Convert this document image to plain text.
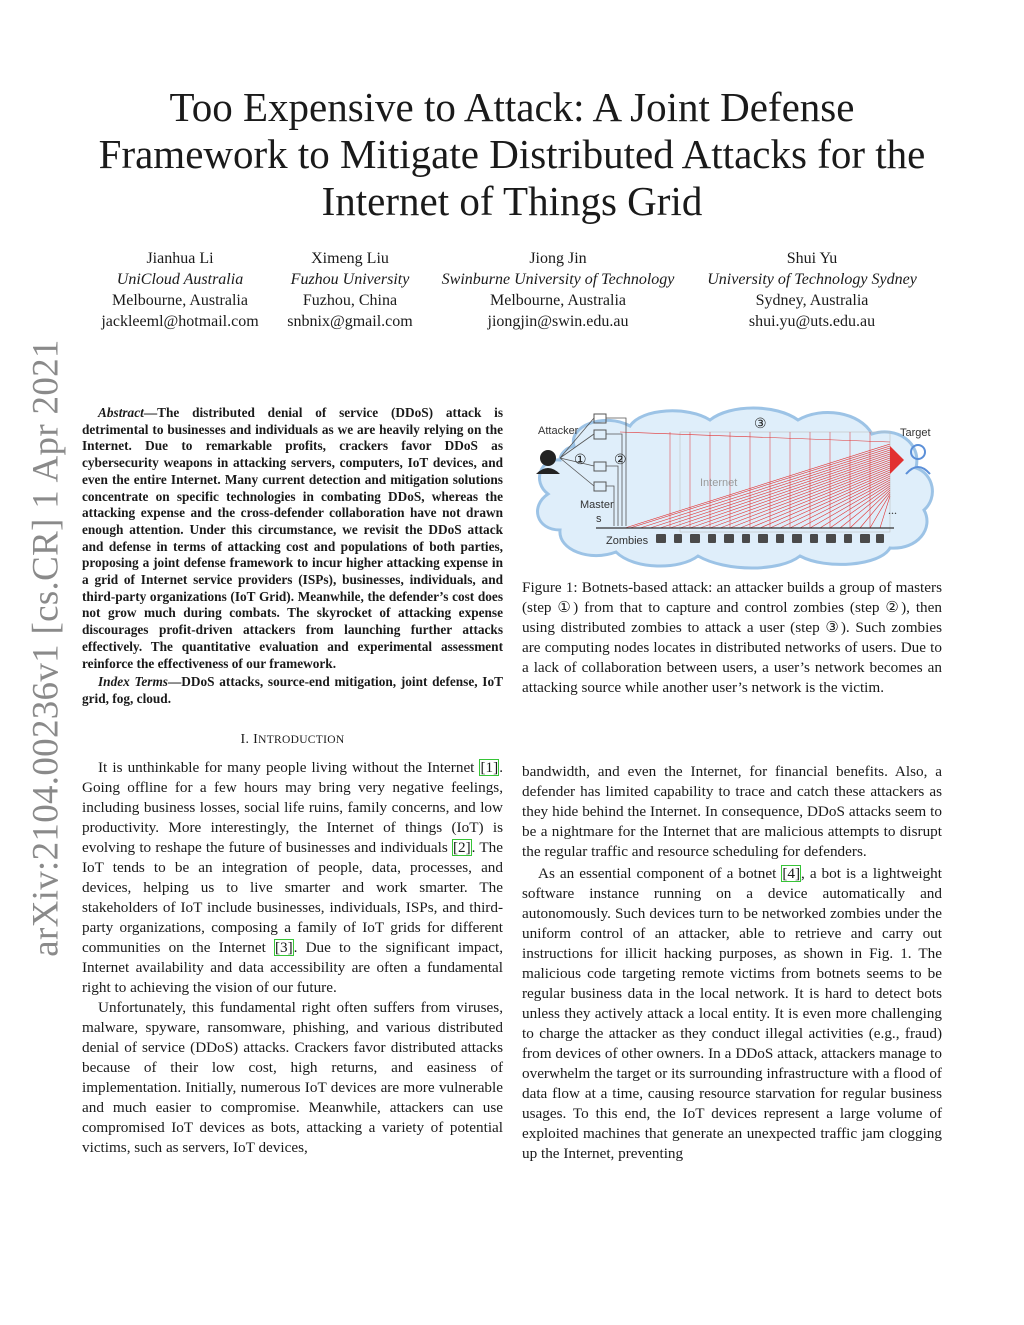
arXiv:2104.00236v1 [cs.CR] 1 Apr 2021
Too Expensive to Attack: A Joint Defense Framework to Mitigate Distributed Attacks for the Internet of Things Grid
Jianhua Li
UniCloud Australia
Melbourne, Australia
jackleeml@hotmail.com
Ximeng Liu
Fuzhou University
Fuzhou, China
snbnix@gmail.com
Jiong Jin
Swinburne University of Technology
Melbourne, Australia
jiongjin@swin.edu.au
Shui Yu
University of Technology Sydney
Sydney, Australia
shui.yu@uts.edu.au
Abstract—The distributed denial of service (DDoS) attack is detrimental to businesses and individuals as we are heavily relying on the Internet. Due to remarkable profits, crackers favor DDoS as cybersecurity weapons in attacking servers, computers, IoT devices, and even the entire Internet. Many current detection and mitigation solutions concentrate on specific technologies in combating DDoS, whereas the attacking expense and the cross-defender collaboration have not drawn enough attention. Under this circumstance, we revisit the DDoS attack and defense in terms of attacking cost and populations of both parties, proposing a joint defense framework to incur higher attacking expense in a grid of Internet service providers (ISPs), businesses, individuals, and third-party organizations (IoT Grid). Meanwhile, the defender’s cost does not grow much during combats. The skyrocket of attacking expense discourages profit-driven attackers from launching further attacks effectively. The quantitative evaluation and experimental assessment reinforce the effectiveness of our framework.
Index Terms—DDoS attacks, source-end mitigation, joint defense, IoT grid, fog, cloud.
I. INTRODUCTION

It is unthinkable for many people living without the Internet [1]. Going offline for a few hours may bring very negative feelings, including business losses, social life ruins, family concerns, and low productivity. More interestingly, the Internet of things (IoT) is evolving to reshape the future of businesses and individuals [2]. The IoT tends to be an integration of people, data, processes, and devices, helping us to live smarter and work smarter. The stakeholders of IoT include businesses, individuals, ISPs, and third-party organizations, composing a family of IoT grids for different communities on the Internet [3]. Due to the significant impact, Internet availability and data accessibility are often a fundamental right to achieving the vision of our future.

Unfortunately, this fundamental right often suffers from viruses, malware, spyware, ransomware, phishing, and various distributed denial of service (DDoS) attacks. Crackers favor distributed attacks because of their low cost, high returns, and easiness of implementation. Initially, numerous IoT devices are more vulnerable and much easier to compromise. Meanwhile, attackers can use compromised IoT devices as bots, attacking a variety of potential victims, such as servers, IoT devices,

Internet
Attacker
① ②
③
Master
s
Target
...
Zombies

Figure 1: Botnets-based attack: an attacker builds a group of masters (step ①) from that to capture and control zombies (step ②), then using distributed zombies to attack a user (step ③). Such zombies are computing nodes locates in distributed networks of users. Due to a lack of collaboration between users, a user’s network becomes an attacking source while another user’s network is the victim.

bandwidth, and even the Internet, for financial benefits. Also, a defender has limited capability to trace and catch these attackers as they hide behind the Internet. In consequence, DDoS attacks seem to be a nightmare for the Internet that are malicious attempts to disrupt the regular traffic and resource scheduling for defenders.

As an essential component of a botnet [4], a bot is a lightweight software instance running on a device automatically and autonomously. Such devices turn to be networked zombies under the uniform control of an attacker, able to retrieve and carry out instructions for illicit hacking purposes, as shown in Fig. 1. The malicious code targeting remote victims from botnets seems to be regular business data in the local network. It is hard to detect bots unless they actively attack a local entity. It is even more challenging to charge the attacker as they conduct illegal activities (e.g., fraud) from devices of other owners. In a DDoS attack, attackers manage to overwhelm the target or its surrounding infrastructure with a flood of data flow at a time, causing resource starvation for regular business usages. To this end, the IoT devices represent a large volume of exploited machines that generate an unexpected traffic jam clogging up the Internet, preventing
